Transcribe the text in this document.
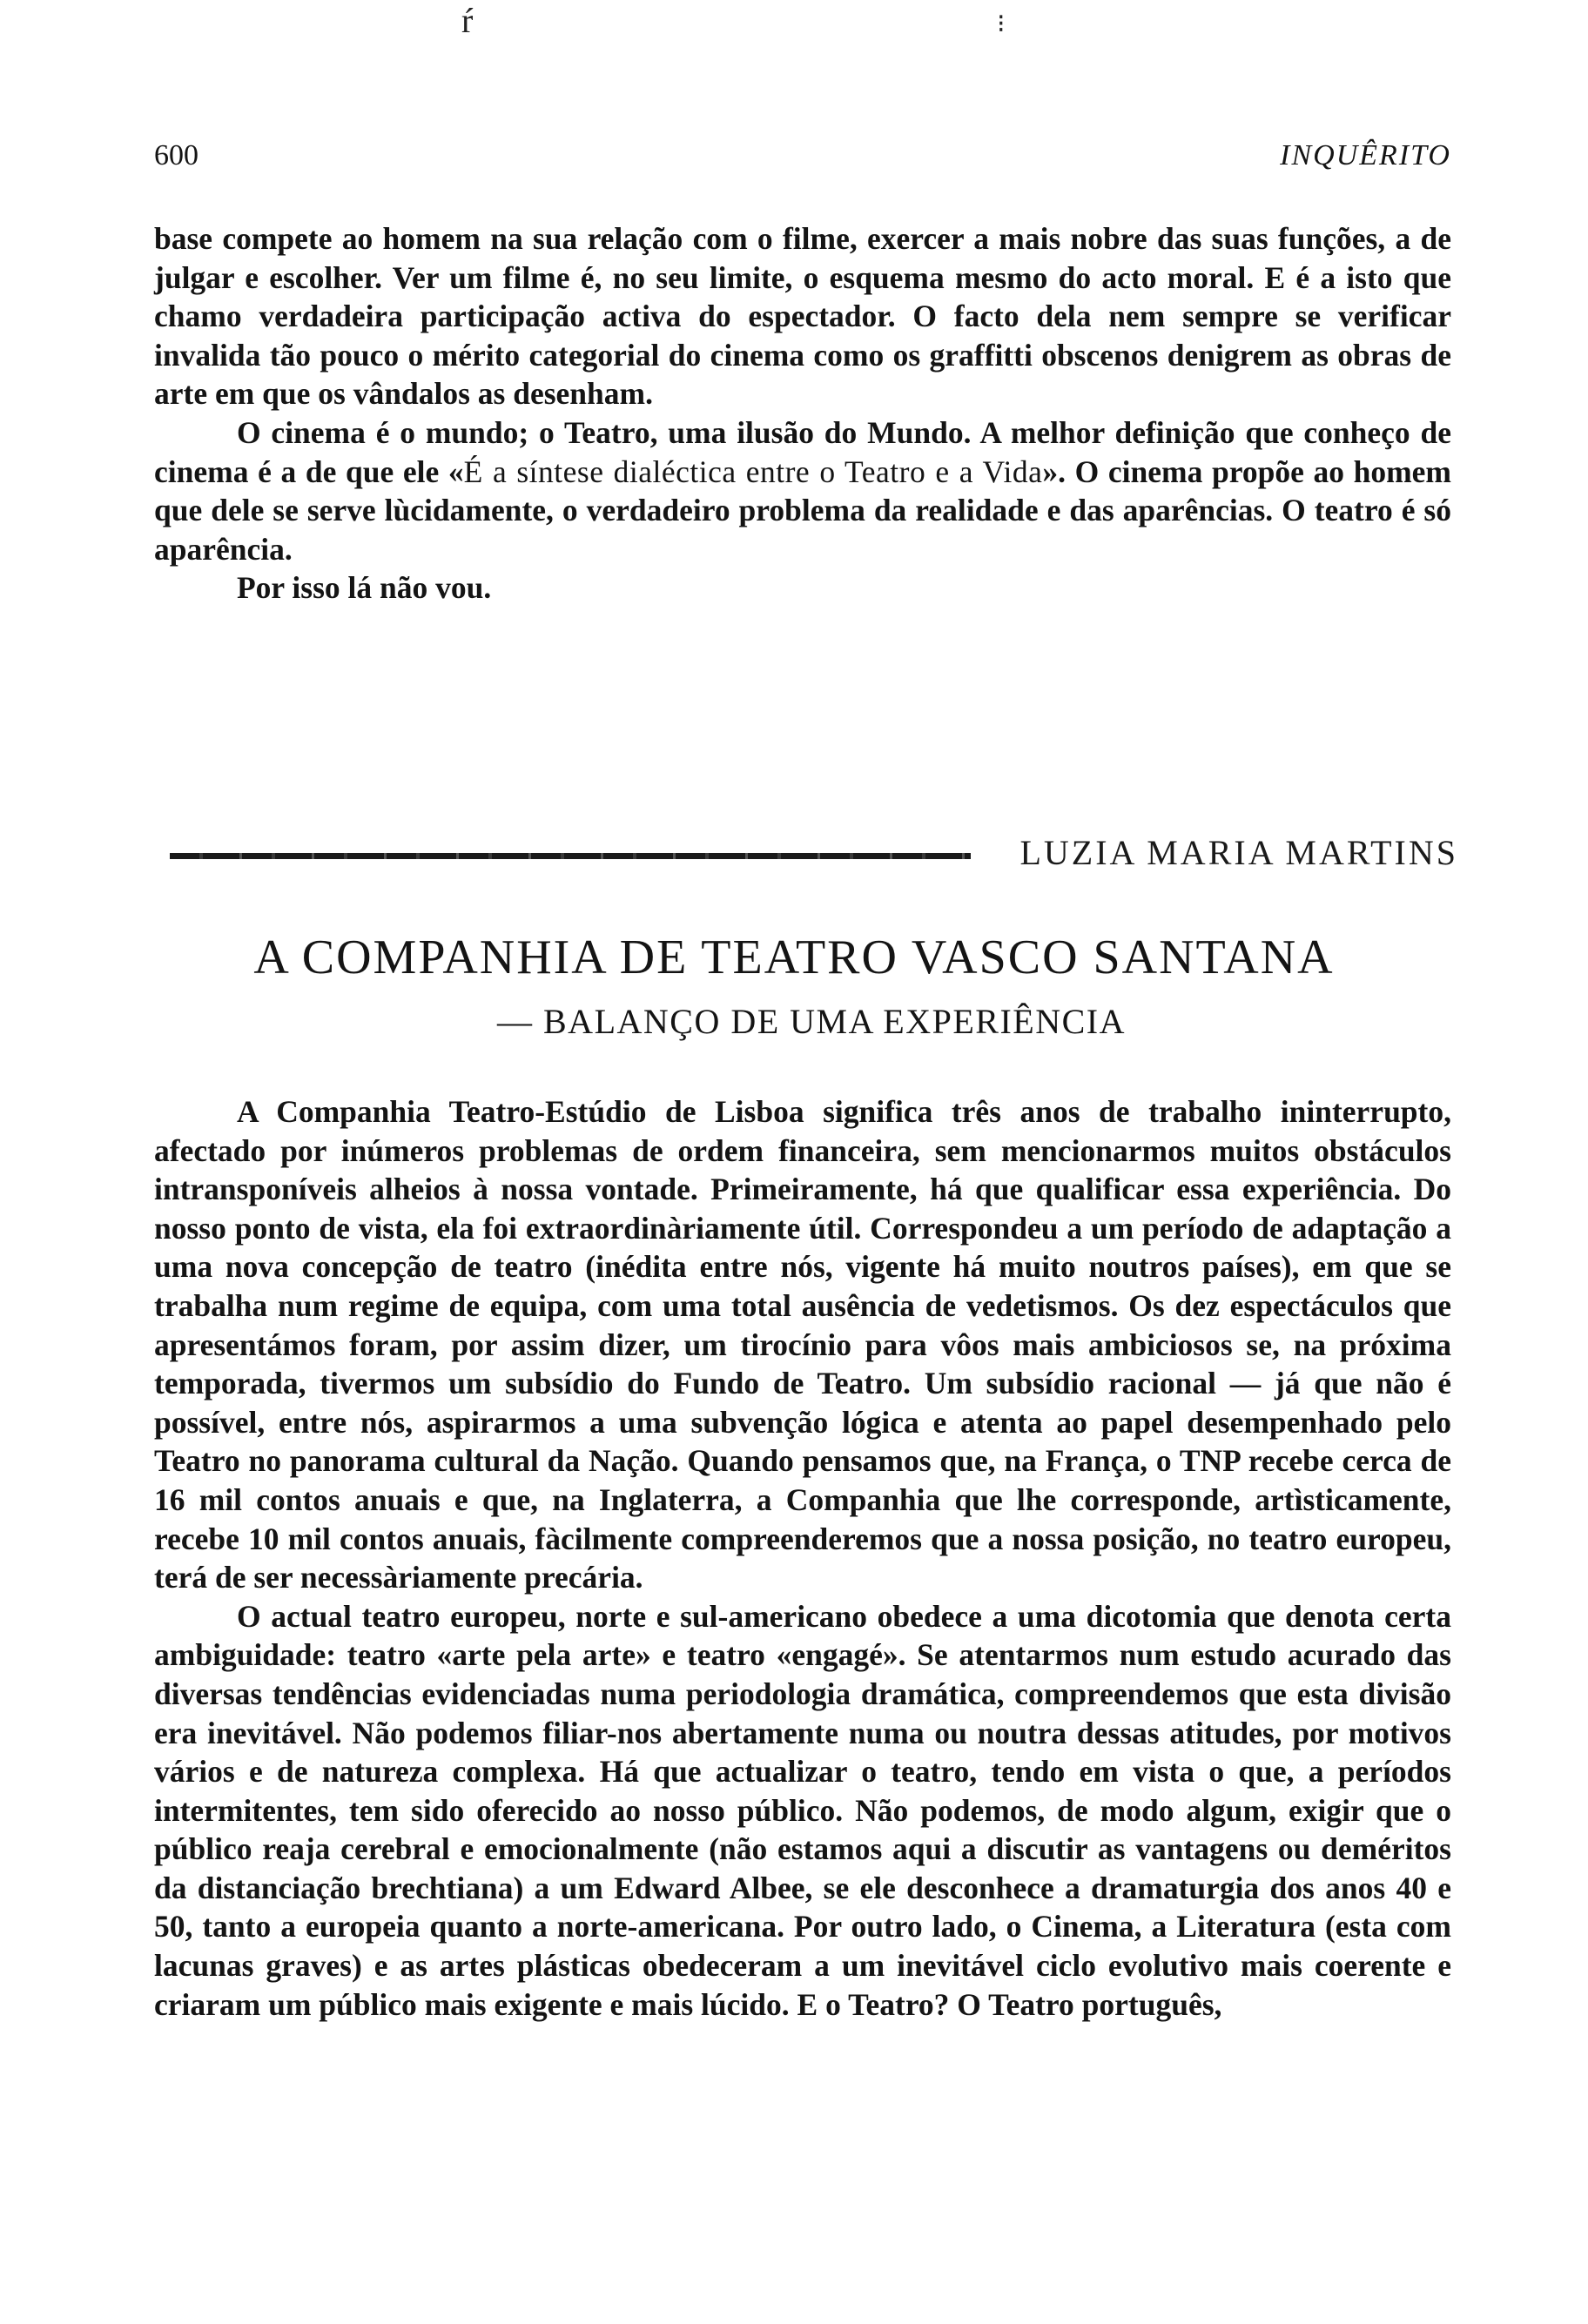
ŕ	⁝
600	INQUÊRITO

base compete ao homem na sua relação com o filme, exercer a mais nobre das suas funções, a de julgar e escolher. Ver um filme é, no seu limite, o esquema mesmo do acto moral. E é a isto que chamo verdadeira participação activa do espectador. O facto dela nem sempre se verificar invalida tão pouco o mérito categorial do cinema como os graffitti obscenos denigrem as obras de arte em que os vândalos as desenham.

O cinema é o mundo; o Teatro, uma ilusão do Mundo. A melhor definição que conheço de cinema é a de que ele «É a síntese dialéctica entre o Teatro e a Vida». O cinema propõe ao homem que dele se serve lùcidamente, o verdadeiro problema da realidade e das aparências. O teatro é só aparência.

Por isso lá não vou.

LUZIA MARIA MARTINS
A COMPANHIA DE TEATRO VASCO SANTANA
— BALANÇO DE UMA EXPERIÊNCIA

A Companhia Teatro-Estúdio de Lisboa significa três anos de trabalho ininterrupto, afectado por inúmeros problemas de ordem financeira, sem mencionarmos muitos obstáculos intransponíveis alheios à nossa vontade. Primeiramente, há que qualificar essa experiência. Do nosso ponto de vista, ela foi extraordinàriamente útil. Correspondeu a um período de adaptação a uma nova concepção de teatro (inédita entre nós, vigente há muito noutros países), em que se trabalha num regime de equipa, com uma total ausência de vedetismos. Os dez espectáculos que apresentámos foram, por assim dizer, um tirocínio para vôos mais ambiciosos se, na próxima temporada, tivermos um subsídio do Fundo de Teatro. Um subsídio racional — já que não é possível, entre nós, aspirarmos a uma subvenção lógica e atenta ao papel desempenhado pelo Teatro no panorama cultural da Nação. Quando pensamos que, na França, o TNP recebe cerca de 16 mil contos anuais e que, na Inglaterra, a Companhia que lhe corresponde, artìsticamente, recebe 10 mil contos anuais, fàcilmente compreenderemos que a nossa posição, no teatro europeu, terá de ser necessàriamente precária.

O actual teatro europeu, norte e sul-americano obedece a uma dicotomia que denota certa ambiguidade: teatro «arte pela arte» e teatro «engagé». Se atentarmos num estudo acurado das diversas tendências evidenciadas numa periodologia dramática, compreendemos que esta divisão era inevitável. Não podemos filiar-nos abertamente numa ou noutra dessas atitudes, por motivos vários e de natureza complexa. Há que actualizar o teatro, tendo em vista o que, a períodos intermitentes, tem sido oferecido ao nosso público. Não podemos, de modo algum, exigir que o público reaja cerebral e emocionalmente (não estamos aqui a discutir as vantagens ou deméritos da distanciação brechtiana) a um Edward Albee, se ele desconhece a dramaturgia dos anos 40 e 50, tanto a europeia quanto a norte-americana. Por outro lado, o Cinema, a Literatura (esta com lacunas graves) e as artes plásticas obedeceram a um inevitável ciclo evolutivo mais coerente e criaram um público mais exigente e mais lúcido. E o Teatro? O Teatro português,
